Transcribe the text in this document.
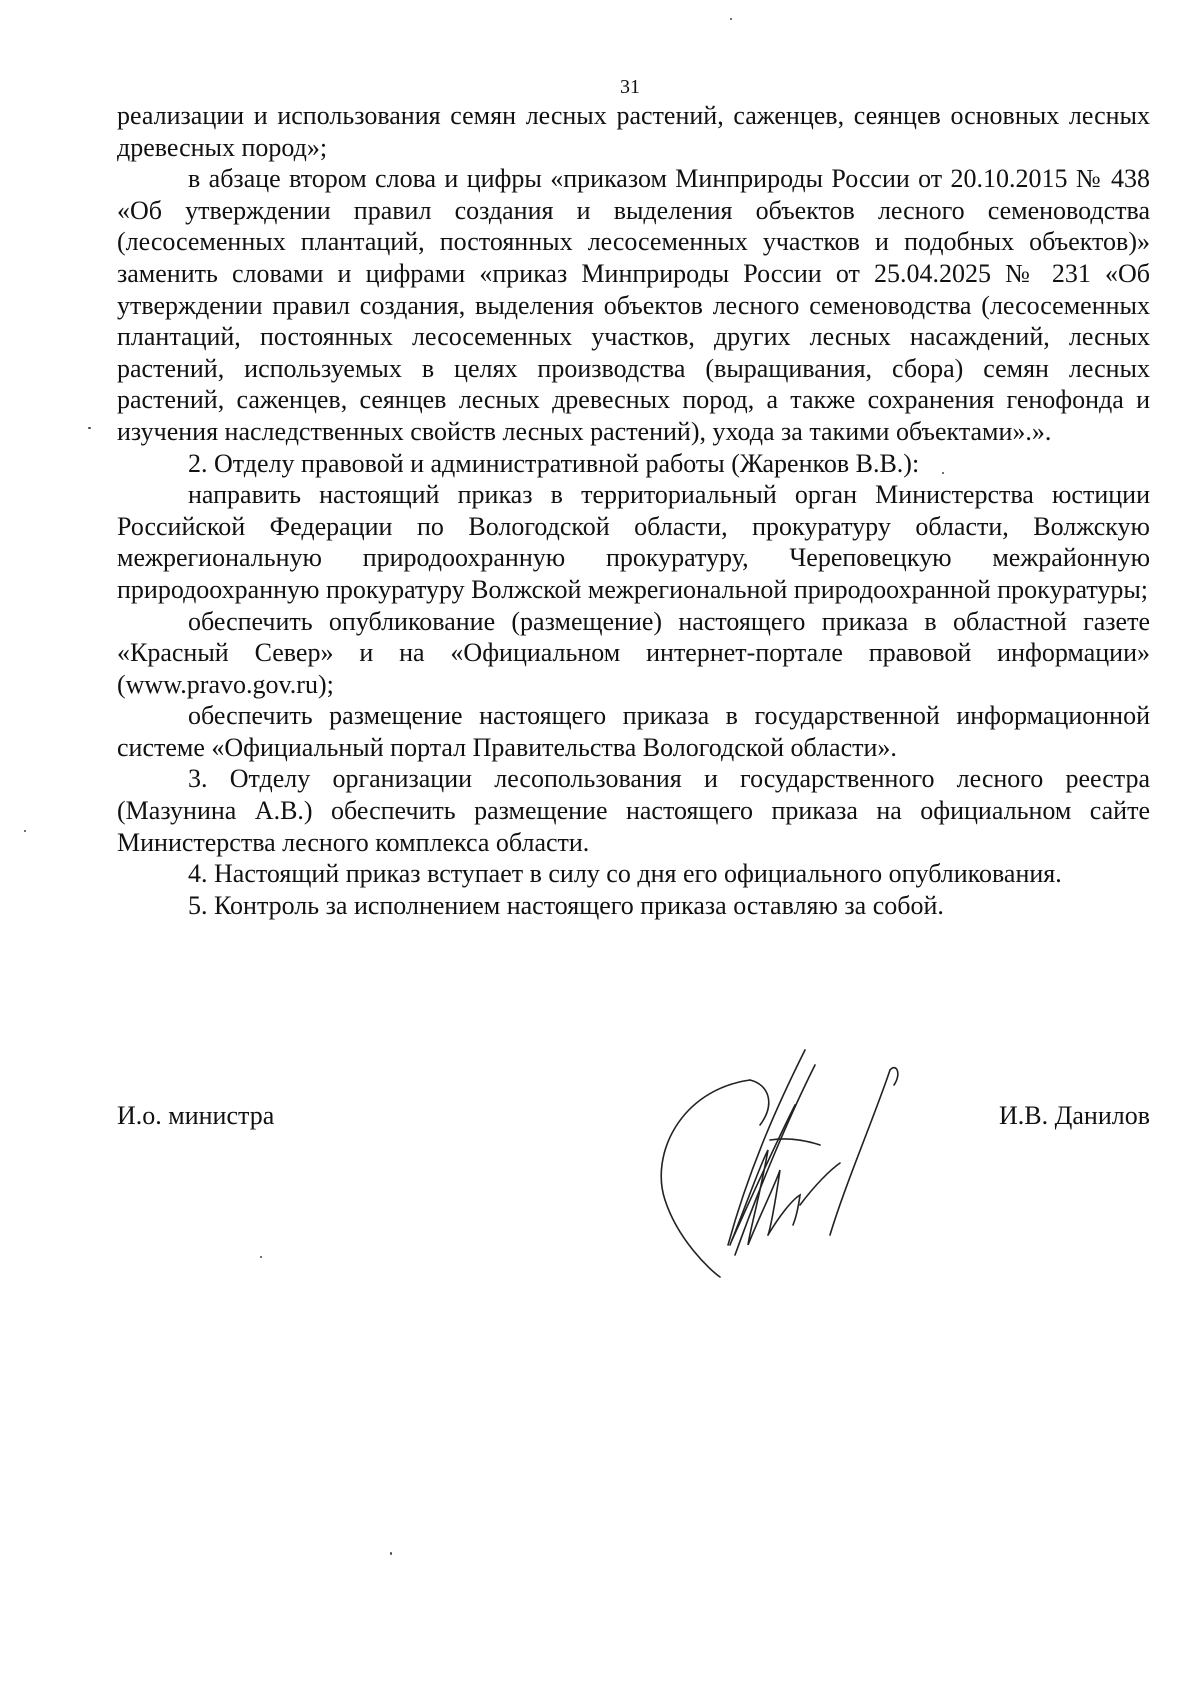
31

реализации и использования семян лесных растений, саженцев, сеянцев основных лесных древесных пород»;

в абзаце втором слова и цифры «приказом Минприроды России от 20.10.2015 № 438 «Об утверждении правил создания и выделения объектов лесного семеноводства (лесосеменных плантаций, постоянных лесосеменных участков и подобных объектов)» заменить словами и цифрами «приказ Минприроды России от 25.04.2025 № 231 «Об утверждении правил создания, выделения объектов лесного семеноводства (лесосеменных плантаций, постоянных лесосеменных участков, других лесных насаждений, лесных растений, используемых в целях производства (выращивания, сбора) семян лесных растений, саженцев, сеянцев лесных древесных пород, а также сохранения генофонда и изучения наследственных свойств лесных растений), ухода за такими объектами».».

2. Отделу правовой и административной работы (Жаренков В.В.):

направить настоящий приказ в территориальный орган Министерства юстиции Российской Федерации по Вологодской области, прокуратуру области, Волжскую межрегиональную природоохранную прокуратуру, Череповецкую межрайонную природоохранную прокуратуру Волжской межрегиональной природоохранной прокуратуры;

обеспечить опубликование (размещение) настоящего приказа в областной газете «Красный Север» и на «Официальном интернет-портале правовой информации» (www.pravo.gov.ru);

обеспечить размещение настоящего приказа в государственной информационной системе «Официальный портал Правительства Вологодской области».

3. Отделу организации лесопользования и государственного лесного реестра (Мазунина А.В.) обеспечить размещение настоящего приказа на официальном сайте Министерства лесного комплекса области.

4. Настоящий приказ вступает в силу со дня его официального опубликования.

5. Контроль за исполнением настоящего приказа оставляю за собой.

И.о. министра	И.В. Данилов
